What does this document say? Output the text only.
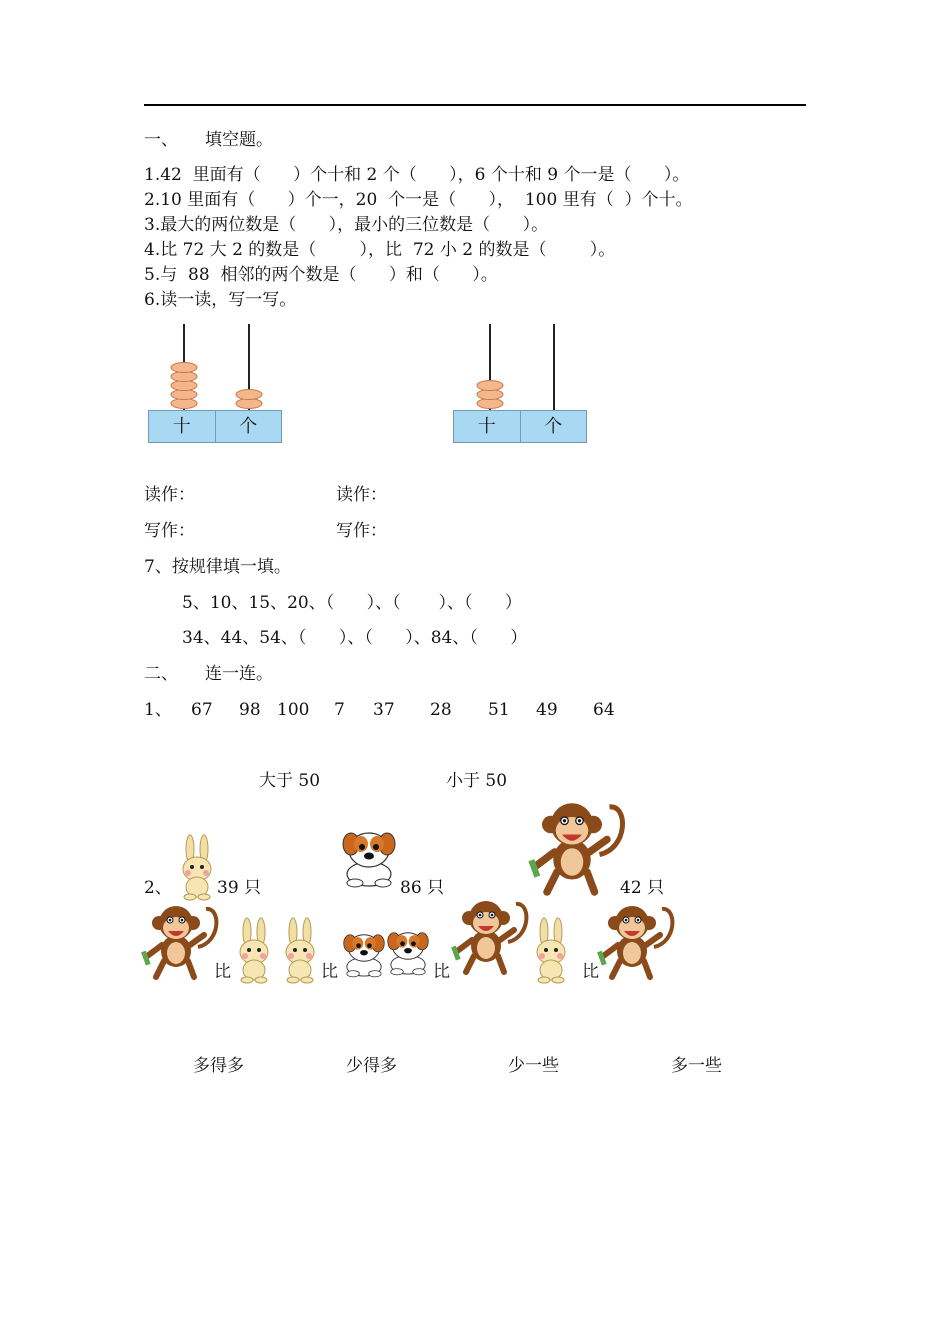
一、     填空题。
1.42  里面有（      ）个十和 2 个（      ），6 个十和 9 个一是（      ）。
2.10 里面有（      ）个一，20  个一是（      ），  100 里有（  ）个十。
3.最大的两位数是（      ），最小的三位数是（      ）。
4.比 72 大 2 的数是（        ），比  72 小 2 的数是（        ）。
5.与  88  相邻的两个数是（      ）和（      ）。
6.读一读，写一写。
十	个	十	个
读作：	读作：
写作：	写作：
7、按规律填一填。
5、10、15、20、（      ）、（       ）、（      ）
34、44、54、（      ）、（      ）、84、（      ）
二、     连一连。
1、 67 98 100 7 37 28 51 49 64
大于 50	小于 50
2、	39 只	86 只	42 只
比	比	比	比
多得多	少得多	少一些	多一些
